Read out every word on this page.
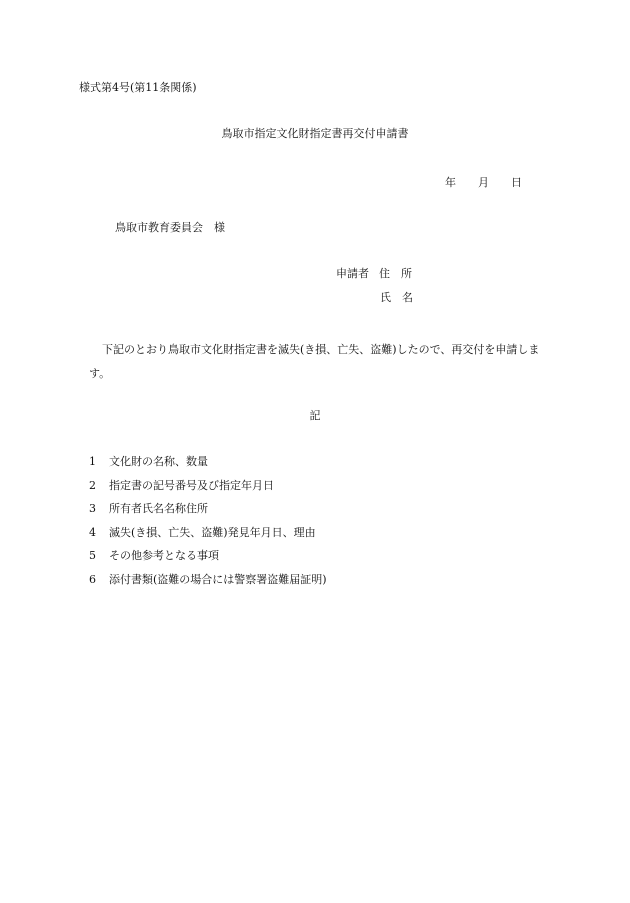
様式第4号(第11条関係)
鳥取市指定文化財指定書再交付申請書
年 月 日
鳥取市教育委員会　様
申請者 住　所
氏　名
下記のとおり鳥取市文化財指定書を滅失(き損、亡失、盗難)したので、再交付を申請します。
記
1 文化財の名称、数量
2 指定書の記号番号及び指定年月日
3 所有者氏名名称住所
4 滅失(き損、亡失、盗難)発見年月日、理由
5 その他参考となる事項
6 添付書類(盗難の場合には警察署盗難届証明)
